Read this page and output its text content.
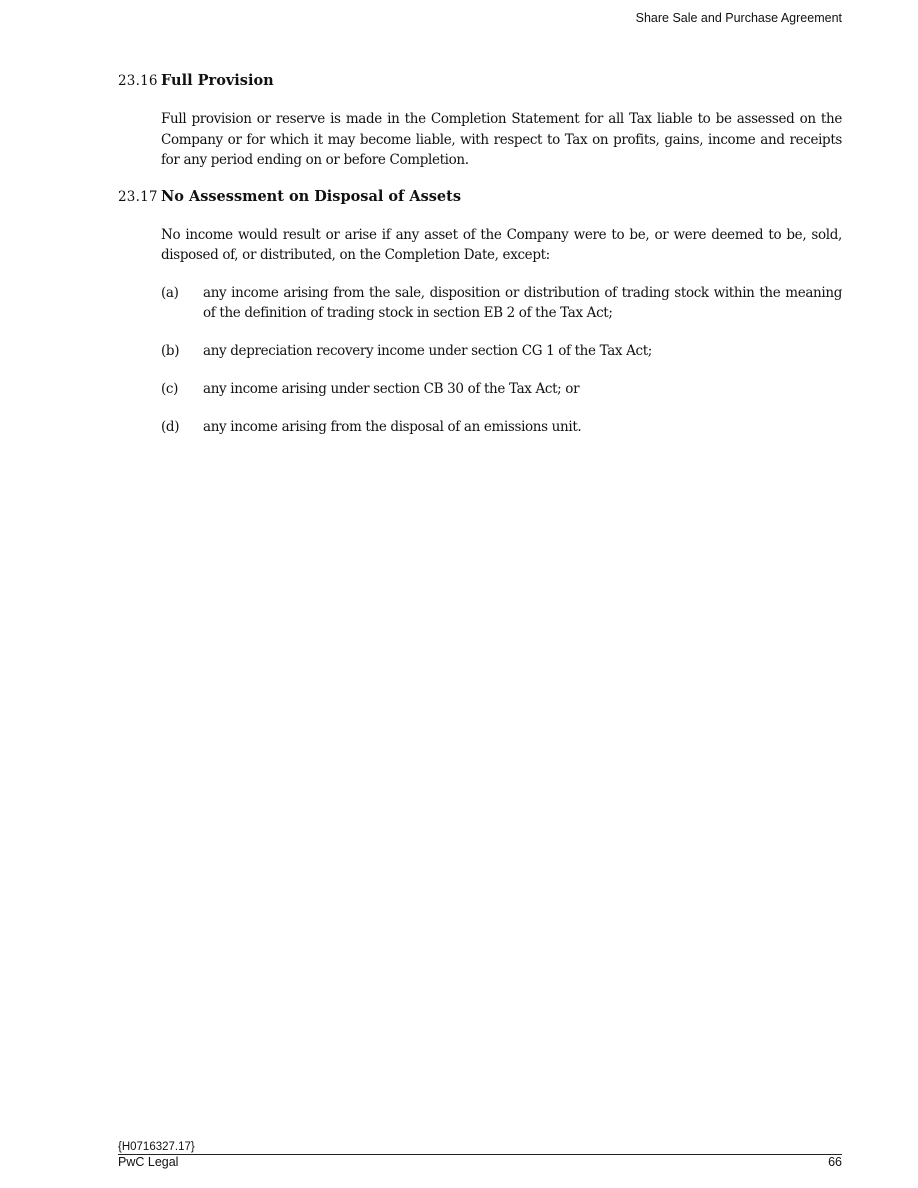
Share Sale and Purchase Agreement
23.16 Full Provision
Full provision or reserve is made in the Completion Statement for all Tax liable to be assessed on the Company or for which it may become liable, with respect to Tax on profits, gains, income and receipts for any period ending on or before Completion.
23.17 No Assessment on Disposal of Assets
No income would result or arise if any asset of the Company were to be, or were deemed to be, sold, disposed of, or distributed, on the Completion Date, except:
(a)	any income arising from the sale, disposition or distribution of trading stock within the meaning of the definition of trading stock in section EB 2 of the Tax Act;
(b)	any depreciation recovery income under section CG 1 of the Tax Act;
(c)	any income arising under section CB 30 of the Tax Act; or
(d)	any income arising from the disposal of an emissions unit.
{H0716327.17}
PwC Legal	66
